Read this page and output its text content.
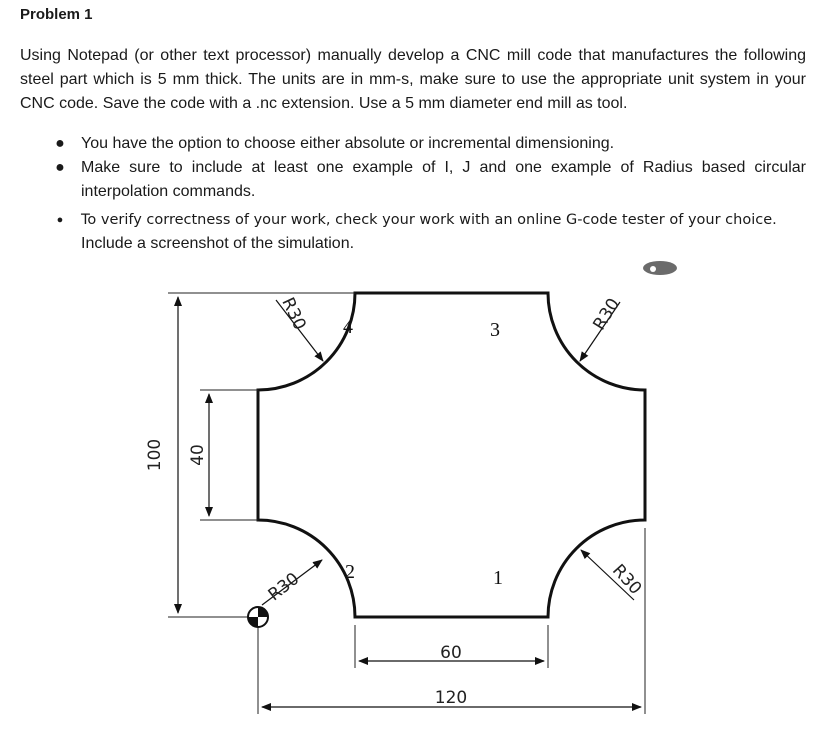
Problem 1
Using Notepad (or other text processor) manually develop a CNC mill code that manufactures the following steel part which is 5 mm thick. The units are in mm-s, make sure to use the appropriate unit system in your CNC code. Save the code with a .nc extension. Use a 5 mm diameter end mill as tool.
● You have the option to choose either absolute or incremental dimensioning.
● Make sure to include at least one example of I, J and one example of Radius based circular interpolation commands.
● To verify correctness of your work, check your work with an online G-code tester of your choice.
Include a screenshot of the simulation.
100 40
60
120
R30	R30
R30	R30
1
2
3
4
